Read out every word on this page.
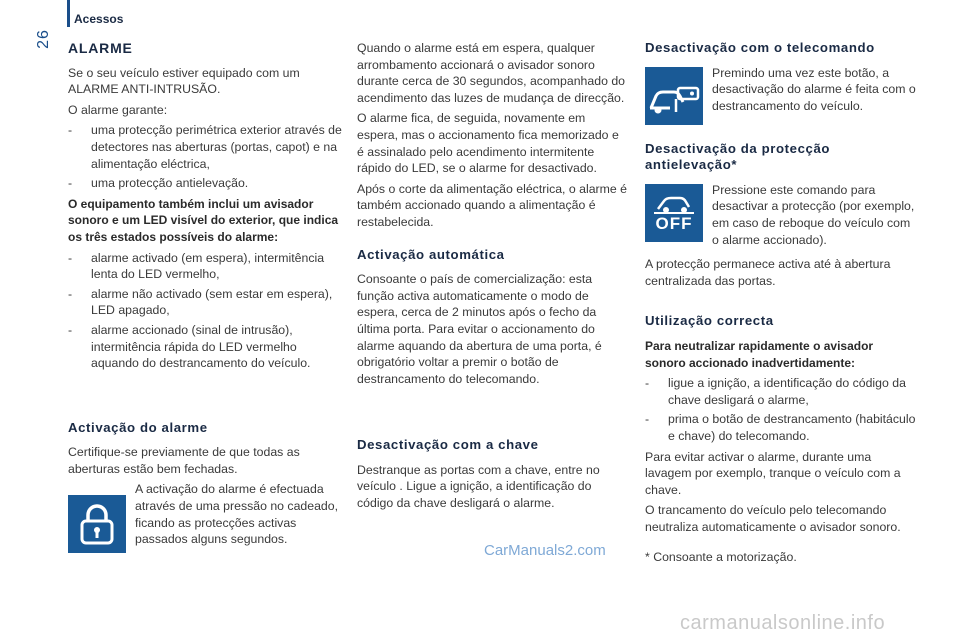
26
Acessos
ALARME

Se o seu veículo estiver equipado com um ALARME ANTI-INTRUSÃO.

O alarme garante:

- uma protecção perimétrica exterior através de detectores nas aberturas (portas, capot) e na alimentação eléctrica,
- uma protecção antielevação.

O equipamento também inclui um avisador sonoro e um LED visível do exterior, que indica os três estados possíveis do alarme:

- alarme activado (em espera), intermitência lenta do LED vermelho,
- alarme não activado (sem estar em espera), LED apagado,
- alarme accionado (sinal de intrusão), intermitência rápida do LED vermelho aquando do destrancamento do veículo.
Activação do alarme

Certifique-se previamente de que todas as aberturas estão bem fechadas.

A activação do alarme é efectuada através de uma pressão no cadeado, ficando as protecções activas passados alguns segundos.

Quando o alarme está em espera, qualquer arrombamento accionará o avisador sonoro durante cerca de 30 segundos, acompanhado do acendimento das luzes de mudança de direcção.

O alarme fica, de seguida, novamente em espera, mas o accionamento fica memorizado e é assinalado pelo acendimento intermitente rápido do LED, se o alarme for desactivado.

Após o corte da alimentação eléctrica, o alarme é também accionado quando a alimentação é restabelecida.

Activação automática

Consoante o país de comercialização: esta função activa automaticamente o modo de espera, cerca de 2 minutos após o fecho da última porta. Para evitar o accionamento do alarme aquando da abertura de uma porta, é obrigatório voltar a premir o botão de destrancamento do telecomando.

Desactivação com a chave

Destranque as portas com a chave, entre no veículo . Ligue a ignição, a identificação do código da chave desligará o alarme.

Desactivação com o telecomando

Premindo uma vez este botão, a desactivação do alarme é feita com o destrancamento do veículo.

Desactivação da protecção antielevação*
OFF

Pressione este comando para desactivar a protecção (por exemplo, em caso de reboque do veículo com o alarme accionado).

A protecção permanece activa até à abertura centralizada das portas.

Utilização correcta

Para neutralizar rapidamente o avisador sonoro accionado inadvertidamente:

- ligue a ignição, a identificação do código da chave desligará o alarme,
- prima o botão de destrancamento (habitáculo e chave) do telecomando.

Para evitar activar o alarme, durante uma lavagem por exemplo, tranque o veículo com a chave.

O trancamento do veículo pelo telecomando neutraliza automaticamente o avisador sonoro.

* Consoante a motorização.

CarManuals2.com
carmanualsonline.info
